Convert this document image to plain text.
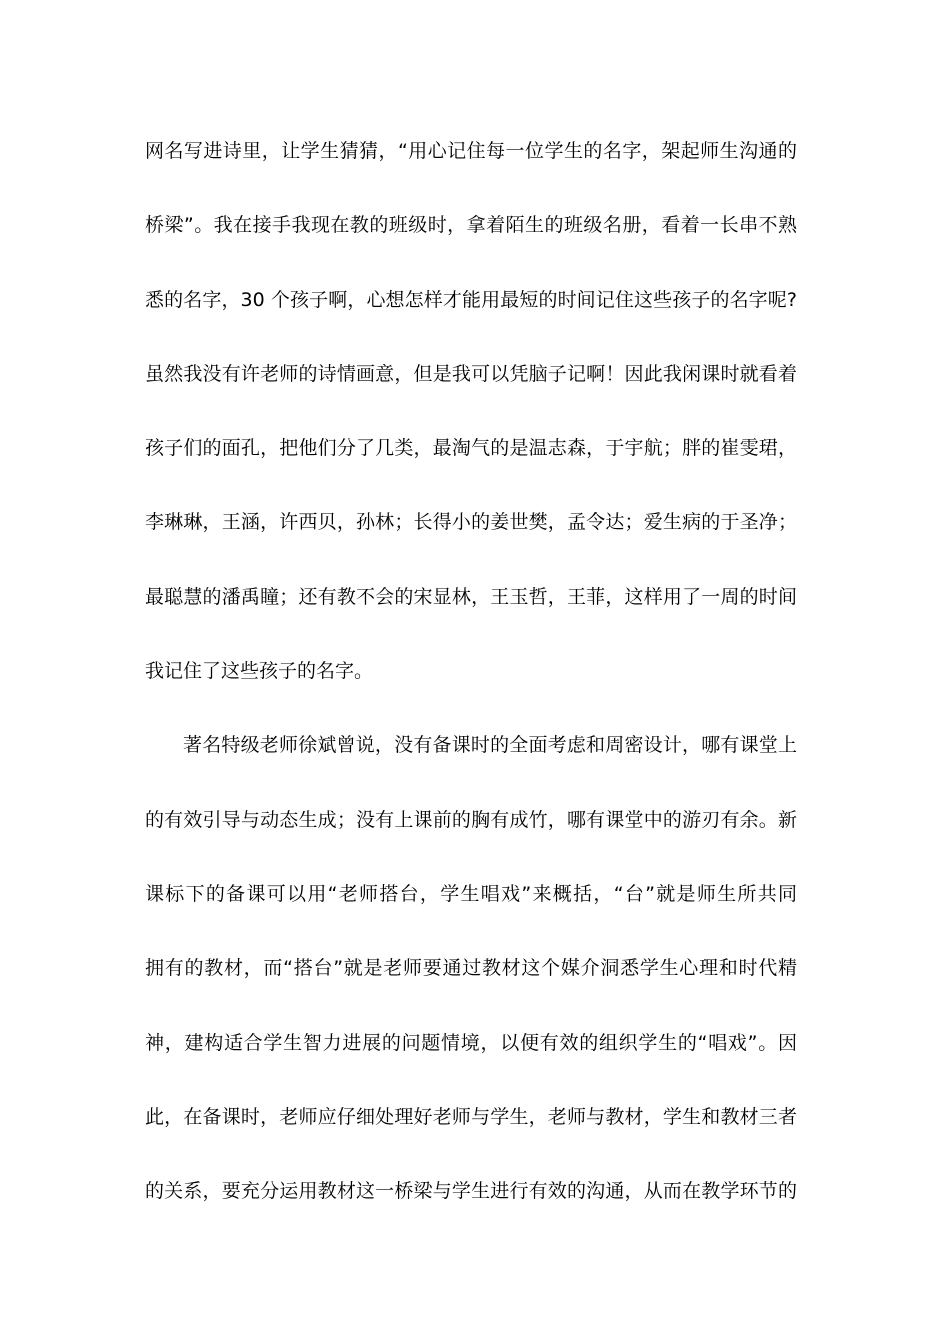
网名写进诗里，让学生猜猜，“用心记住每一位学生的名字，架起师生沟通的
桥梁”。我在接手我现在教的班级时，拿着陌生的班级名册，看着一长串不熟
悉的名字，30 个孩子啊，心想怎样才能用最短的时间记住这些孩子的名字呢?
虽然我没有许老师的诗情画意，但是我可以凭脑子记啊！因此我闲课时就看着
孩子们的面孔，把他们分了几类，最淘气的是温志森，于宇航；胖的崔雯珺，
李琳琳，王涵，许西贝，孙林；长得小的姜世樊，孟令达；爱生病的于圣净；
最聪慧的潘禹瞳；还有教不会的宋显林，王玉哲，王菲，这样用了一周的时间
我记住了这些孩子的名字。
著名特级老师徐斌曾说，没有备课时的全面考虑和周密设计，哪有课堂上
的有效引导与动态生成；没有上课前的胸有成竹，哪有课堂中的游刃有余。新
课标下的备课可以用“老师搭台，学生唱戏”来概括，“台”就是师生所共同
拥有的教材，而“搭台”就是老师要通过教材这个媒介洞悉学生心理和时代精
神，建构适合学生智力进展的问题情境，以便有效的组织学生的“唱戏”。因
此，在备课时，老师应仔细处理好老师与学生，老师与教材，学生和教材三者
的关系，要充分运用教材这一桥梁与学生进行有效的沟通，从而在教学环节的
